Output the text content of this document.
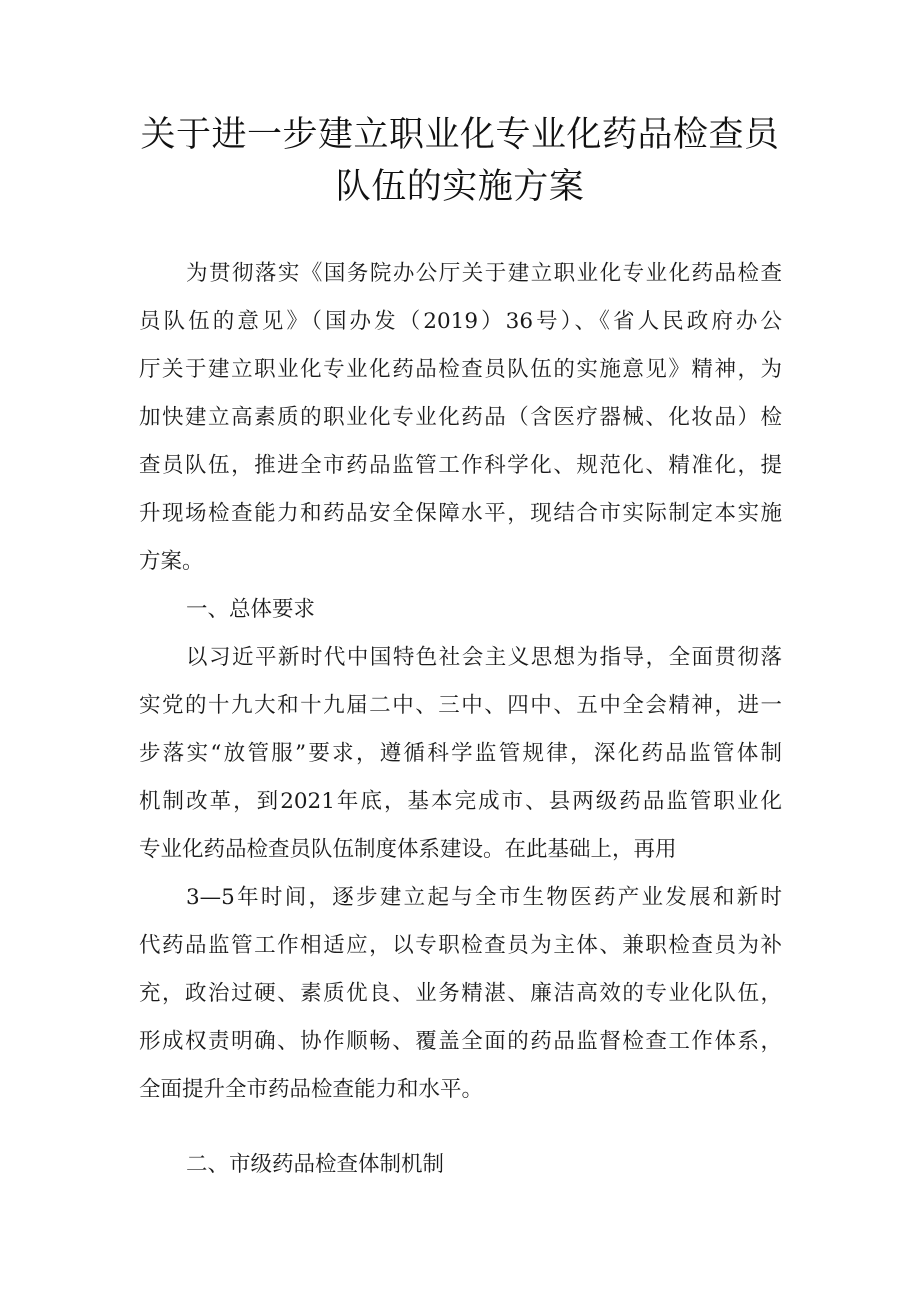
关于进一步建立职业化专业化药品检查员
队伍的实施方案
为贯彻落实《国务院办公厅关于建立职业化专业化药品检查
员队伍的意见》（国办发（2019）36号）、《省人民政府办公
厅关于建立职业化专业化药品检查员队伍的实施意见》精神，为
加快建立高素质的职业化专业化药品（含医疗器械、化妆品）检
查员队伍，推进全市药品监管工作科学化、规范化、精准化，提
升现场检查能力和药品安全保障水平，现结合市实际制定本实施
方案。
一、总体要求
以习近平新时代中国特色社会主义思想为指导，全面贯彻落
实党的十九大和十九届二中、三中、四中、五中全会精神，进一
步落实“放管服”要求，遵循科学监管规律，深化药品监管体制
机制改革，到2021年底，基本完成市、县两级药品监管职业化
专业化药品检查员队伍制度体系建设。在此基础上，再用
3—5年时间，逐步建立起与全市生物医药产业发展和新时
代药品监管工作相适应，以专职检查员为主体、兼职检查员为补
充，政治过硬、素质优良、业务精湛、廉洁高效的专业化队伍，
形成权责明确、协作顺畅、覆盖全面的药品监督检查工作体系，
全面提升全市药品检查能力和水平。
二、市级药品检查体制机制
